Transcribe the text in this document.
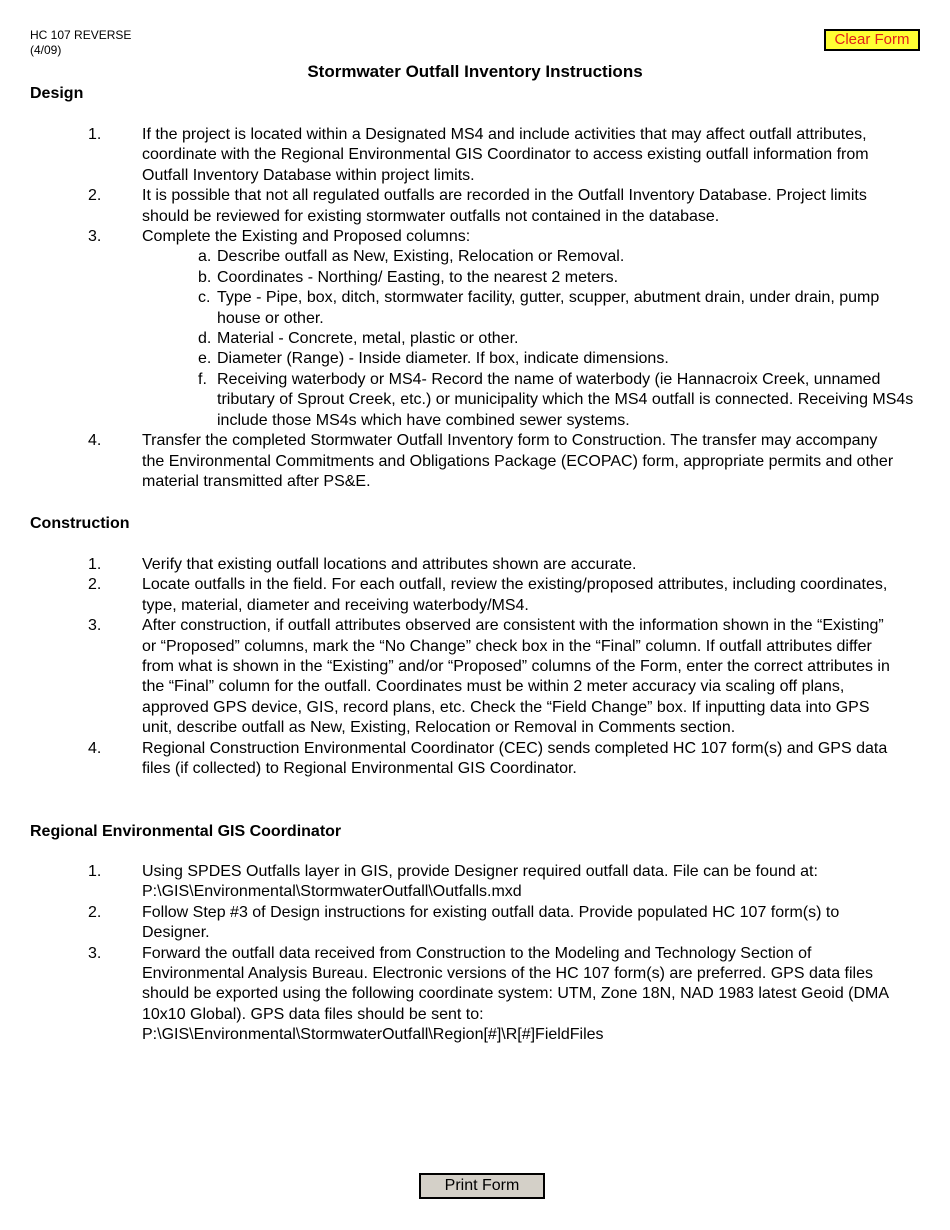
HC 107 REVERSE
(4/09)
Clear Form
Stormwater Outfall Inventory Instructions
Design
1.	If the project is located within a Designated MS4 and include activities that may affect outfall attributes, coordinate with the Regional Environmental GIS Coordinator to access existing outfall information from Outfall Inventory Database within project limits.
2.	It is possible that not all regulated outfalls are recorded in the Outfall Inventory Database. Project limits should be reviewed for existing stormwater outfalls not contained in the database.
3.	Complete the Existing and Proposed columns:
a. Describe outfall as New, Existing, Relocation or Removal.
b. Coordinates - Northing/ Easting, to the nearest 2 meters.
c. Type - Pipe, box, ditch, stormwater facility, gutter, scupper, abutment drain, under drain, pump house or other.
d. Material - Concrete, metal, plastic or other.
e. Diameter (Range) - Inside diameter. If box, indicate dimensions.
f. Receiving waterbody or MS4- Record the name of waterbody (ie Hannacroix Creek, unnamed tributary of Sprout Creek, etc.) or municipality which the MS4 outfall is connected. Receiving MS4s include those MS4s which have combined sewer systems.
4.	Transfer the completed Stormwater Outfall Inventory form to Construction. The transfer may accompany the Environmental Commitments and Obligations Package (ECOPAC) form, appropriate permits and other material transmitted after PS&E.
Construction
1.	Verify that existing outfall locations and attributes shown are accurate.
2.	Locate outfalls in the field. For each outfall, review the existing/proposed attributes, including coordinates, type, material, diameter and receiving waterbody/MS4.
3.	After construction, if outfall attributes observed are consistent with the information shown in the “Existing” or “Proposed” columns, mark the “No Change” check box in the “Final” column. If outfall attributes differ from what is shown in the “Existing” and/or “Proposed” columns of the Form, enter the correct attributes in the “Final” column for the outfall. Coordinates must be within 2 meter accuracy via scaling off plans, approved GPS device, GIS, record plans, etc. Check the “Field Change” box. If inputting data into GPS unit, describe outfall as New, Existing, Relocation or Removal in Comments section.
4.	Regional Construction Environmental Coordinator (CEC) sends completed HC 107 form(s) and GPS data files (if collected) to Regional Environmental GIS Coordinator.
Regional Environmental GIS Coordinator
1.	Using SPDES Outfalls layer in GIS, provide Designer required outfall data. File can be found at: P:\GIS\Environmental\StormwaterOutfall\Outfalls.mxd
2.	Follow Step #3 of Design instructions for existing outfall data. Provide populated HC 107 form(s) to Designer.
3.	Forward the outfall data received from Construction to the Modeling and Technology Section of Environmental Analysis Bureau. Electronic versions of the HC 107 form(s) are preferred. GPS data files should be exported using the following coordinate system: UTM, Zone 18N, NAD 1983 latest Geoid (DMA 10x10 Global). GPS data files should be sent to: P:\GIS\Environmental\StormwaterOutfall\Region[#]\R[#]FieldFiles
Print Form
